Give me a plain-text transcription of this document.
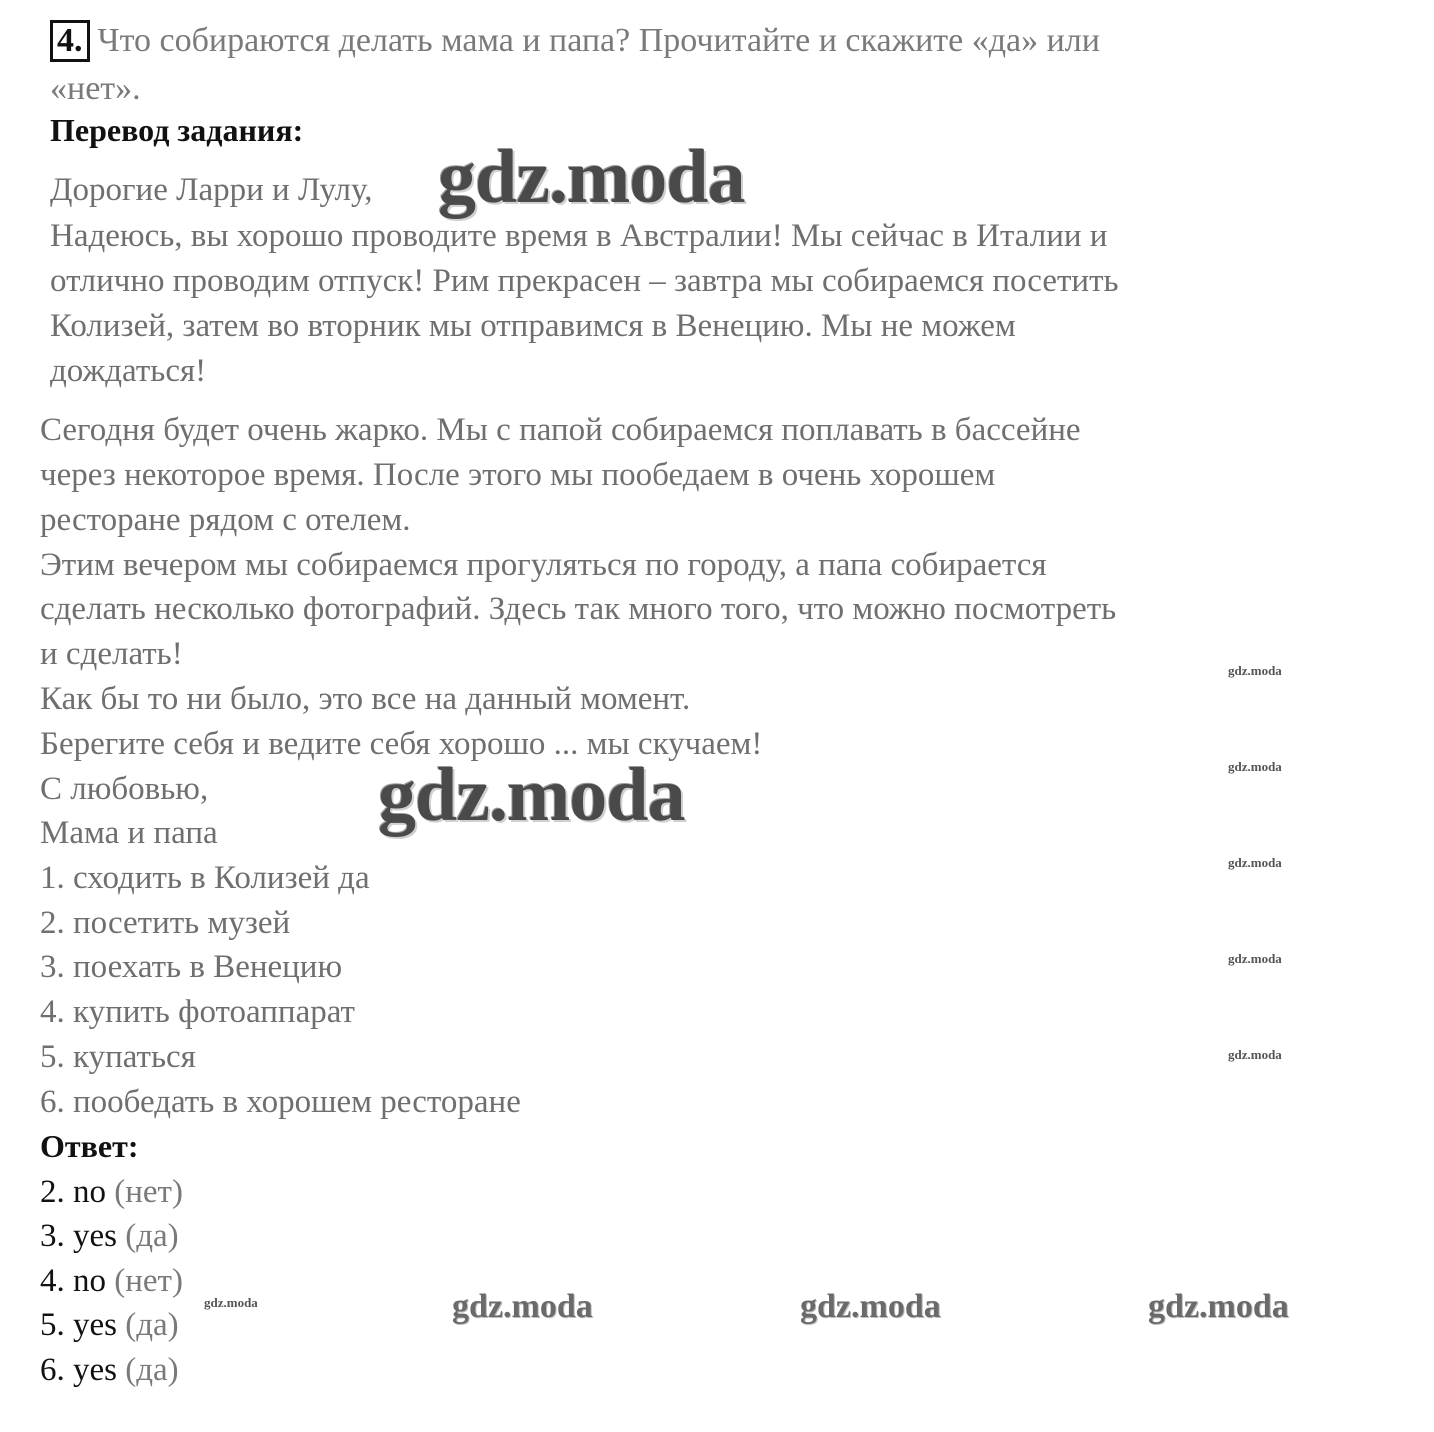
4. Что собираются делать мама и папа? Прочитайте и скажите «да» или
«нет».
Перевод задания:
Дорогие Ларри и Лулу,
Надеюсь, вы хорошо проводите время в Австралии! Мы сейчас в Италии и
отлично проводим отпуск! Рим прекрасен – завтра мы собираемся посетить
Колизей, затем во вторник мы отправимся в Венецию. Мы не можем
дождаться!
Сегодня будет очень жарко. Мы с папой собираемся поплавать в бассейне
через некоторое время. После этого мы пообедаем в очень хорошем
ресторане рядом с отелем.
Этим вечером мы собираемся прогуляться по городу, а папа собирается
сделать несколько фотографий. Здесь так много того, что можно посмотреть
и сделать!
Как бы то ни было, это все на данный момент.
Берегите себя и ведите себя хорошо ... мы скучаем!
С любовью,
Мама и папа
1. сходить в Колизей да
2. посетить музей
3. поехать в Венецию
4. купить фотоаппарат
5. купаться
6. пообедать в хорошем ресторане
Ответ:
2. no (нет)
3. yes (да)
4. no (нет)
5. yes (да)
6. yes (да)
gdz.moda
gdz.moda
gdz.moda
gdz.moda
gdz.moda
gdz.moda
gdz.moda
gdz.moda	gdz.moda	gdz.moda	gdz.moda
